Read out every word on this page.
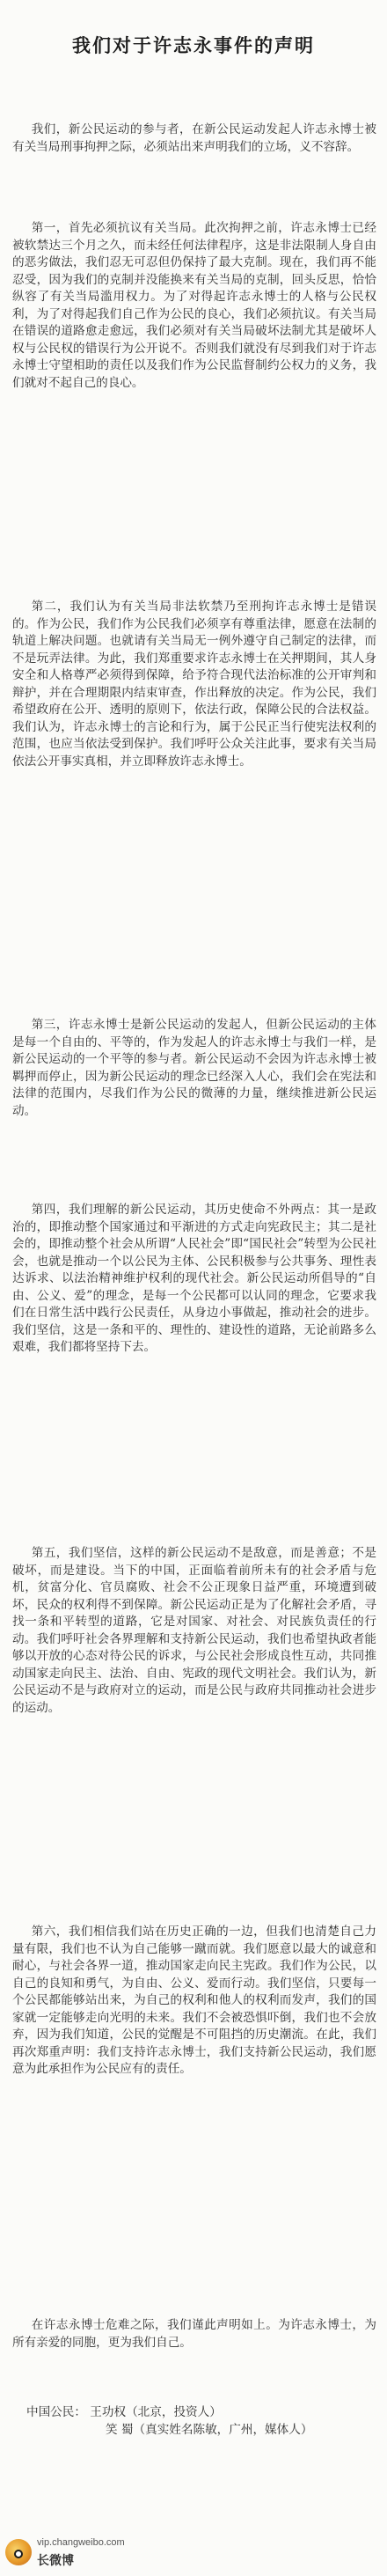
我们对于许志永事件的声明
我们，新公民运动的参与者，在新公民运动发起人许志永博士被有关当局刑事拘押之际，必须站出来声明我们的立场，义不容辞。
第一，首先必须抗议有关当局。此次拘押之前，许志永博士已经被软禁达三个月之久，而未经任何法律程序，这是非法限制人身自由的恶劣做法，我们忍无可忍但仍保持了最大克制。现在，我们再不能忍受，因为我们的克制并没能换来有关当局的克制，回头反思，恰恰纵容了有关当局滥用权力。为了对得起许志永博士的人格与公民权利，为了对得起我们自己作为公民的良心，我们必须抗议。有关当局在错误的道路愈走愈远，我们必须对有关当局破坏法制尤其是破坏人权与公民权的错误行为公开说不。否则我们就没有尽到我们对于许志永博士守望相助的责任以及我们作为公民监督制约公权力的义务，我们就对不起自己的良心。
第二，我们认为有关当局非法软禁乃至刑拘许志永博士是错误的。作为公民，我们作为公民我们必须享有尊重法律，愿意在法制的轨道上解决问题。也就请有关当局无一例外遵守自己制定的法律，而不是玩弄法律。为此，我们郑重要求许志永博士在关押期间，其人身安全和人格尊严必须得到保障，给予符合现代法治标准的公开审判和辩护，并在合理期限内结束审查，作出释放的决定。作为公民，我们希望政府在公开、透明的原则下，依法行政，保障公民的合法权益。我们认为，许志永博士的言论和行为，属于公民正当行使宪法权利的范围，也应当依法受到保护。我们呼吁公众关注此事，要求有关当局依法公开事实真相，并立即释放许志永博士。
第三，许志永博士是新公民运动的发起人，但新公民运动的主体是每一个自由的、平等的，作为发起人的许志永博士与我们一样，是新公民运动的一个平等的参与者。新公民运动不会因为许志永博士被羁押而停止，因为新公民运动的理念已经深入人心，我们会在宪法和法律的范围内，尽我们作为公民的微薄的力量，继续推进新公民运动。
第四，我们理解的新公民运动，其历史使命不外两点：其一是政治的，即推动整个国家通过和平渐进的方式走向宪政民主；其二是社会的，即推动整个社会从所谓“人民社会”即“国民社会”转型为公民社会，也就是推动一个以公民为主体、公民积极参与公共事务、理性表达诉求、以法治精神维护权利的现代社会。新公民运动所倡导的“自由、公义、爱”的理念，是每一个公民都可以认同的理念，它要求我们在日常生活中践行公民责任，从身边小事做起，推动社会的进步。我们坚信，这是一条和平的、理性的、建设性的道路，无论前路多么艰难，我们都将坚持下去。
第五，我们坚信，这样的新公民运动不是敌意，而是善意；不是破坏，而是建设。当下的中国，正面临着前所未有的社会矛盾与危机，贫富分化、官员腐败、社会不公正现象日益严重，环境遭到破坏，民众的权利得不到保障。新公民运动正是为了化解社会矛盾，寻找一条和平转型的道路，它是对国家、对社会、对民族负责任的行动。我们呼吁社会各界理解和支持新公民运动，我们也希望执政者能够以开放的心态对待公民的诉求，与公民社会形成良性互动，共同推动国家走向民主、法治、自由、宪政的现代文明社会。我们认为，新公民运动不是与政府对立的运动，而是公民与政府共同推动社会进步的运动。
第六，我们相信我们站在历史正确的一边，但我们也清楚自己力量有限，我们也不认为自己能够一蹴而就。我们愿意以最大的诚意和耐心，与社会各界一道，推动国家走向民主宪政。我们作为公民，以自己的良知和勇气，为自由、公义、爱而行动。我们坚信，只要每一个公民都能够站出来，为自己的权利和他人的权利而发声，我们的国家就一定能够走向光明的未来。我们不会被恐惧吓倒，我们也不会放弃，因为我们知道，公民的觉醒是不可阻挡的历史潮流。在此，我们再次郑重声明：我们支持许志永博士，我们支持新公民运动，我们愿意为此承担作为公民应有的责任。
在许志永博士危难之际，我们谨此声明如上。为许志永博士，为所有亲爱的同胞，更为我们自己。
中国公民： 王功权（北京，投资人）
笑 蜀（真实姓名陈敏，广州，媒体人）
vip.changweibo.com
长微博
